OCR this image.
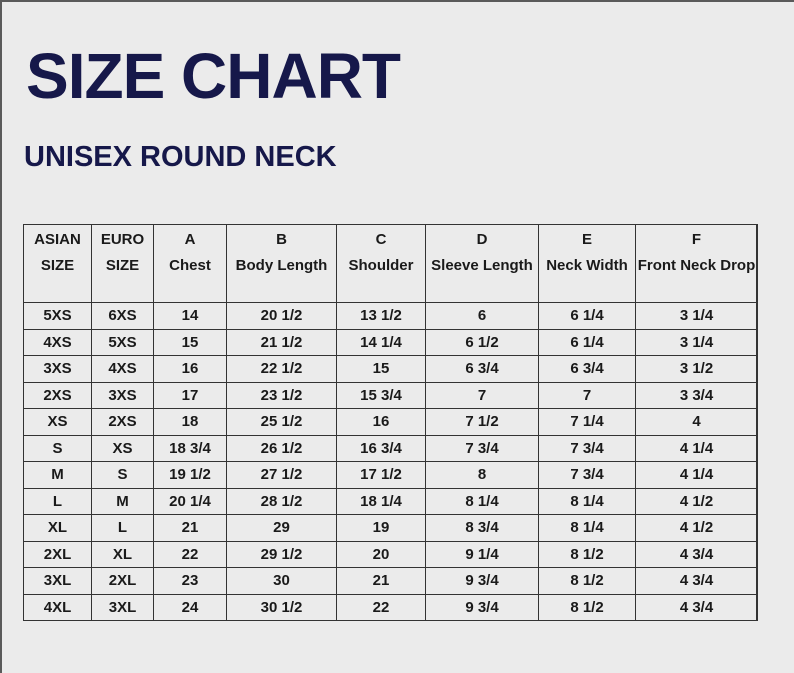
SIZE CHART
UNISEX ROUND NECK
ASIAN	EURO	A	B	C	D	E	F
SIZE	SIZE	Chest	Body Length	Shoulder	Sleeve Length	Neck Width	Front Neck Drop
5XS	6XS	14	20 1/2	13 1/2	6	6 1/4	3 1/4
4XS	5XS	15	21 1/2	14 1/4	6 1/2	6 1/4	3 1/4
3XS	4XS	16	22 1/2	15	6 3/4	6 3/4	3 1/2
2XS	3XS	17	23 1/2	15 3/4	7	7	3 3/4
XS	2XS	18	25 1/2	16	7 1/2	7 1/4	4
S	XS	18 3/4	26 1/2	16 3/4	7 3/4	7 3/4	4 1/4
M	S	19 1/2	27 1/2	17 1/2	8	7 3/4	4 1/4
L	M	20 1/4	28 1/2	18 1/4	8 1/4	8 1/4	4 1/2
XL	L	21	29	19	8 3/4	8 1/4	4 1/2
2XL	XL	22	29 1/2	20	9 1/4	8 1/2	4 3/4
3XL	2XL	23	30	21	9 3/4	8 1/2	4 3/4
4XL	3XL	24	30 1/2	22	9 3/4	8 1/2	4 3/4
